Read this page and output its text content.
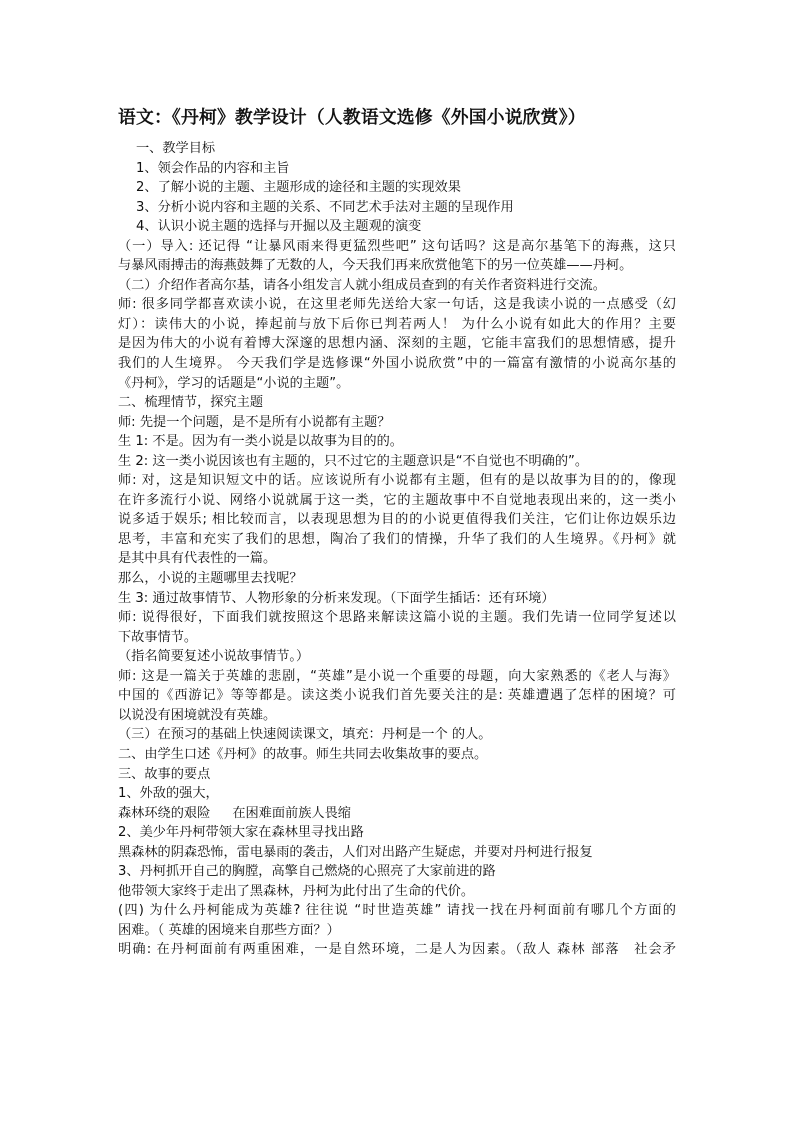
语文：《丹柯》教学设计（人教语文选修《外国小说欣赏》）
一、教学目标
1、领会作品的内容和主旨
2、了解小说的主题、主题形成的途径和主题的实现效果
3、分析小说内容和主题的关系、不同艺术手法对主题的呈现作用
4、认识小说主题的选择与开掘以及主题观的演变
（一）导入: 还记得 “让暴风雨来得更猛烈些吧” 这句话吗？这是高尔基笔下的海燕，这只
与暴风雨搏击的海燕鼓舞了无数的人，今天我们再来欣赏他笔下的另一位英雄——丹柯。
（二）介绍作者高尔基，请各小组发言人就小组成员查到的有关作者资料进行交流。
师: 很多同学都喜欢读小说，在这里老师先送给大家一句话，这是我读小说的一点感受（幻
灯）：读伟大的小说，捧起前与放下后你已判若两人！ 为什么小说有如此大的作用？主要
是因为伟大的小说有着博大深邃的思想内涵、深刻的主题，它能丰富我们的思想情感，提升
我们的人生境界。 今天我们学是选修课“外国小说欣赏”中的一篇富有激情的小说高尔基的
《丹柯》，学习的话题是“小说的主题”。
二、梳理情节，探究主题
师: 先提一个问题，是不是所有小说都有主题？
生 1: 不是。因为有一类小说是以故事为目的的。
生 2: 这一类小说因该也有主题的，只不过它的主题意识是“不自觉也不明确的”。
师: 对，这是知识短文中的话。应该说所有小说都有主题，但有的是以故事为目的的，像现
在许多流行小说、网络小说就属于这一类，它的主题故事中不自觉地表现出来的，这一类小
说多适于娱乐; 相比较而言，以表现思想为目的的小说更值得我们关注，它们让你边娱乐边
思考，丰富和充实了我们的思想，陶冶了我们的情操，升华了我们的人生境界。《丹柯》就
是其中具有代表性的一篇。
那么，小说的主题哪里去找呢？
生 3: 通过故事情节、人物形象的分析来发现。（下面学生插话：还有环境）
师: 说得很好，下面我们就按照这个思路来解读这篇小说的主题。我们先请一位同学复述以
下故事情节。
（指名简要复述小说故事情节。）
师: 这是一篇关于英雄的悲剧，“英雄”是小说一个重要的母题，向大家熟悉的《老人与海》
中国的《西游记》等等都是。读这类小说我们首先要关注的是: 英雄遭遇了怎样的困境？可
以说没有困境就没有英雄。
（三）在预习的基础上快速阅读课文，填充：丹柯是一个 的人。
二、由学生口述《丹柯》的故事。师生共同去收集故事的要点。
三、故事的要点
1、外敌的强大，
森林环绕的艰险 在困难面前族人畏缩
2、美少年丹柯带领大家在森林里寻找出路
黑森林的阴森恐怖，雷电暴雨的袭击，人们对出路产生疑虑，并要对丹柯进行报复
3、丹柯抓开自己的胸膛，高擎自己燃烧的心照亮了大家前进的路
他带领大家终于走出了黑森林，丹柯为此付出了生命的代价。
(四) 为什么丹柯能成为英雄? 往往说 “时世造英雄” 请找一找在丹柯面前有哪几个方面的
困难。（ 英雄的困境来自那些方面？）
明确: 在丹柯面前有两重困难，一是自然环境，二是人为因素。（敌人 森林 部落　社会矛
